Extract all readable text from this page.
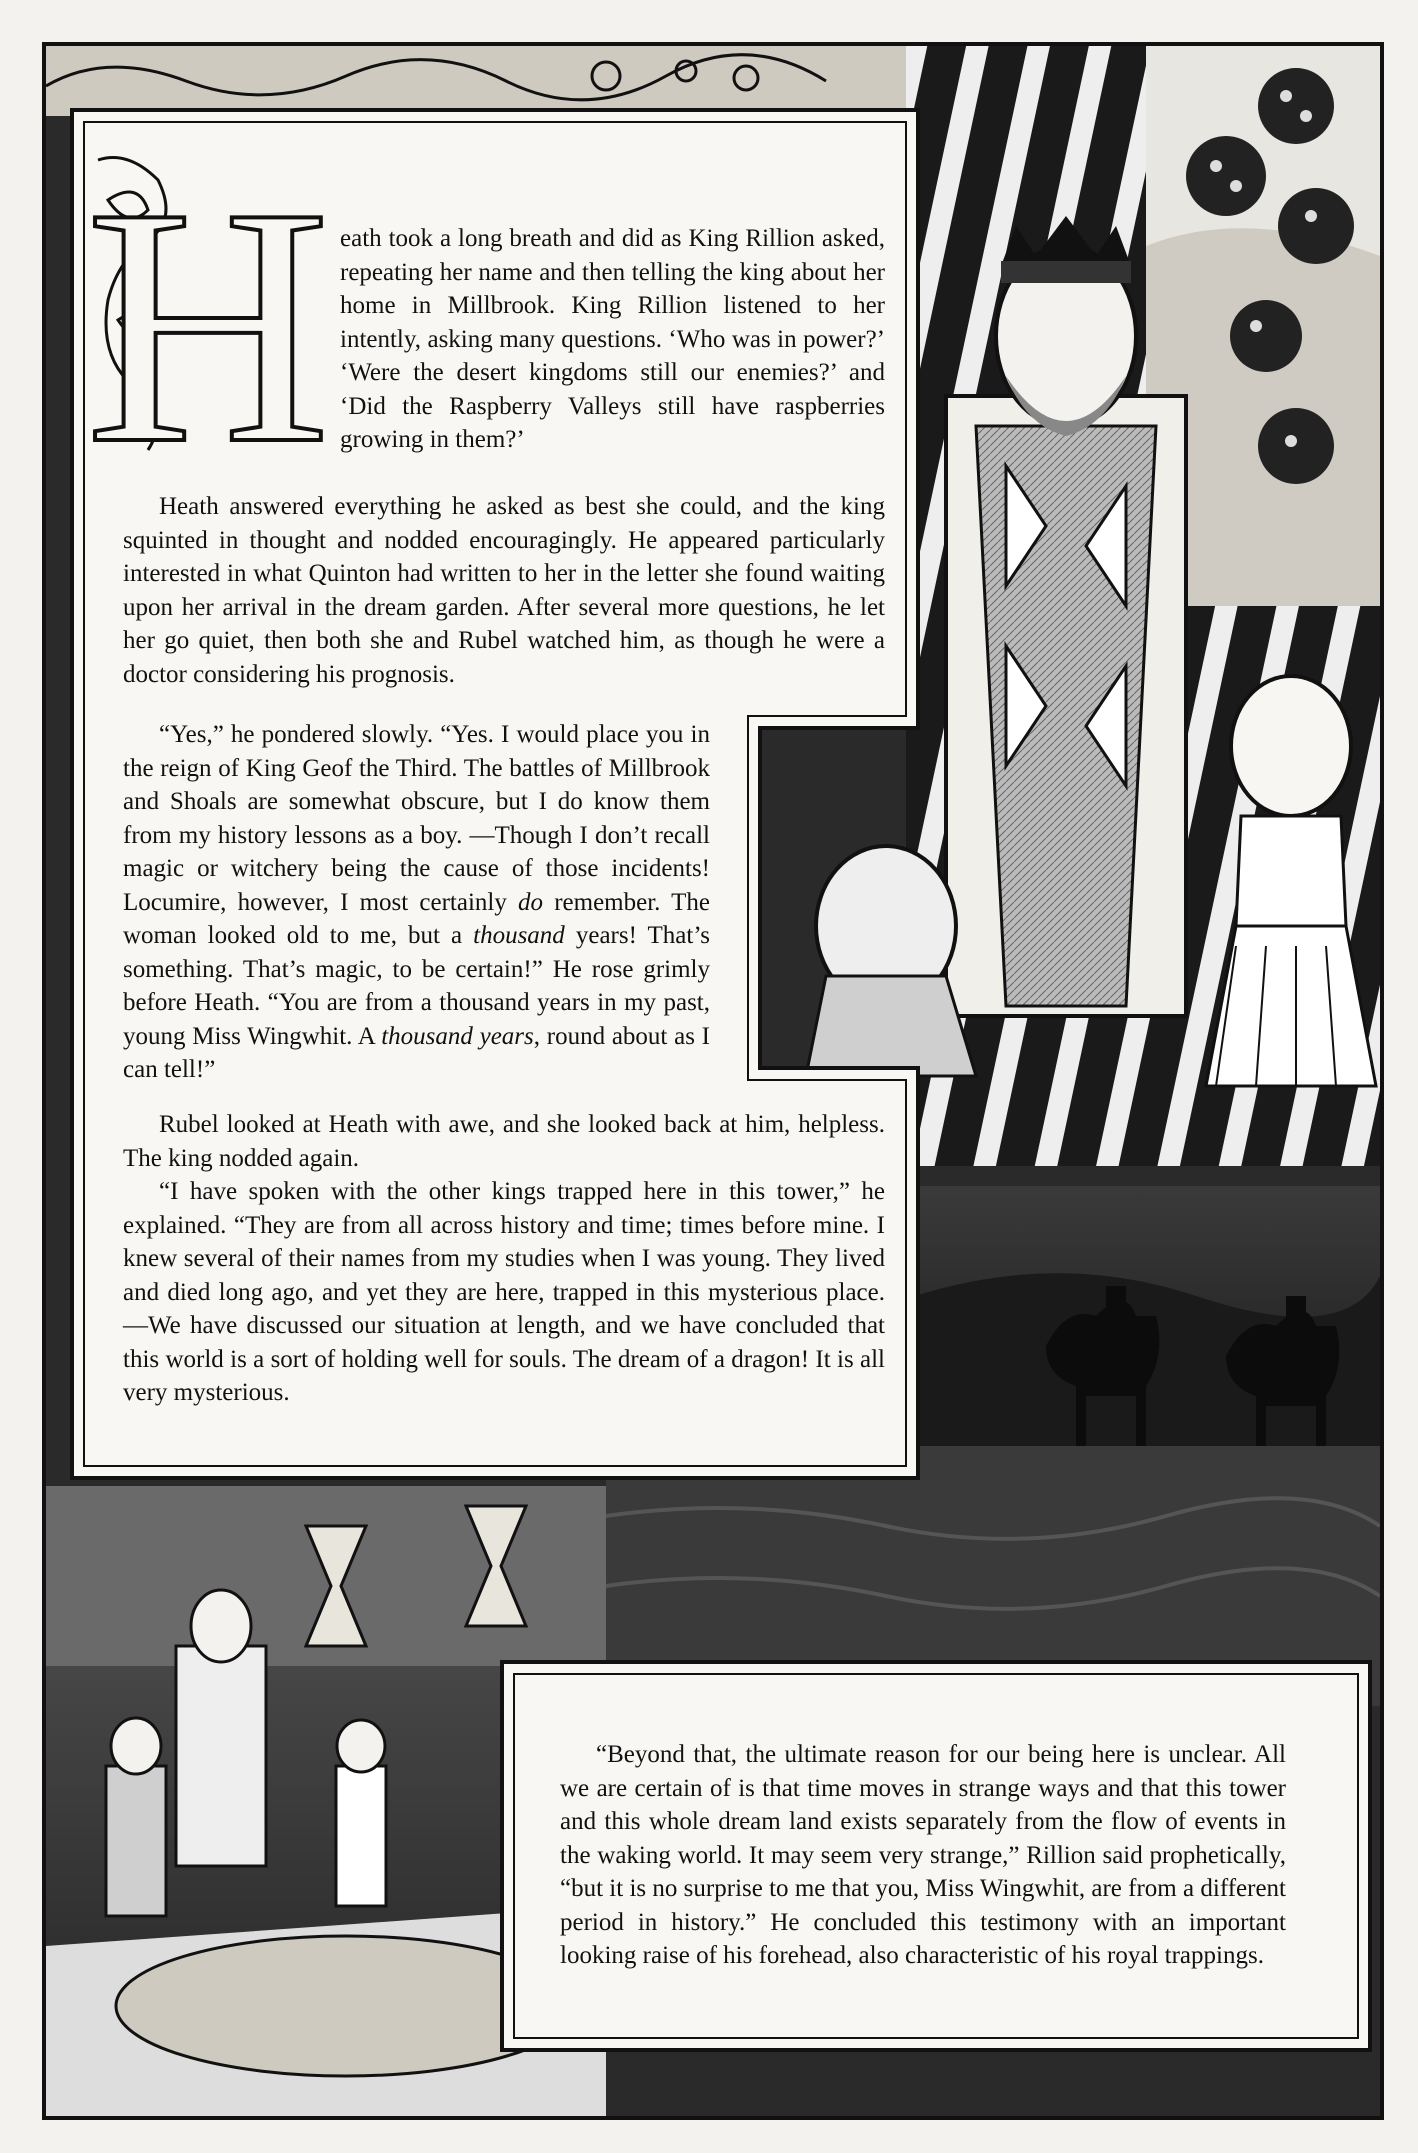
H eath took a long breath and did as King Rillion asked, repeating her name and then telling the king about her home in Millbrook. King Rillion listened to her intently, asking many questions. ‘Who was in power?’ ‘Were the desert kingdoms still our enemies?’ and ‘Did the Raspberry Valleys still have raspberries growing in them?’

Heath answered everything he asked as best she could, and the king squinted in thought and nodded encouragingly. He appeared particularly interested in what Quinton had written to her in the letter she found waiting upon her arrival in the dream garden. After several more questions, he let her go quiet, then both she and Rubel watched him, as though he were a doctor considering his prognosis.

“Yes,” he pondered slowly. “Yes. I would place you in the reign of King Geof the Third. The battles of Millbrook and Shoals are somewhat obscure, but I do know them from my history lessons as a boy. —Though I don’t recall magic or witchery being the cause of those incidents! Locumire, however, I most certainly do remember. The woman looked old to me, but a thousand years! That’s something. That’s magic, to be certain!” He rose grimly before Heath. “You are from a thousand years in my past, young Miss Wingwhit. A thousand years, round about as I can tell!”

Rubel looked at Heath with awe, and she looked back at him, helpless. The king nodded again.

“I have spoken with the other kings trapped here in this tower,” he explained. “They are from all across history and time; times before mine. I knew several of their names from my studies when I was young. They lived and died long ago, and yet they are here, trapped in this mysterious place. —We have discussed our situation at length, and we have concluded that this world is a sort of holding well for souls. The dream of a dragon! It is all very mysterious.

“Beyond that, the ultimate reason for our being here is unclear. All we are certain of is that time moves in strange ways and that this tower and this whole dream land exists separately from the flow of events in the waking world. It may seem very strange,” Rillion said prophetically, “but it is no surprise to me that you, Miss Wingwhit, are from a different period in history.” He concluded this testimony with an important looking raise of his forehead, also characteristic of his royal trappings.
